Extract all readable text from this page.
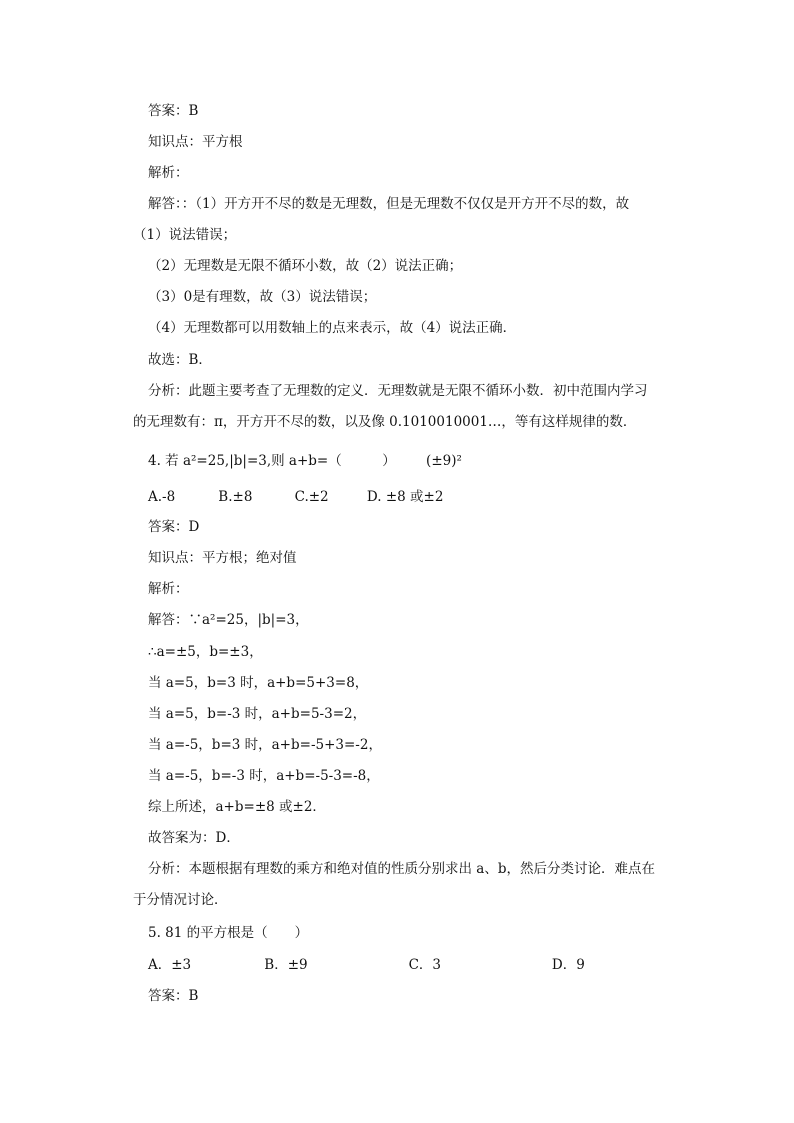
答案：B
知识点：平方根
解析：
解答：：（1）开方开不尽的数是无理数，但是无理数不仅仅是开方开不尽的数，故
（1）说法错误；
（2）无理数是无限不循环小数，故（2）说法正确；
（3）0是有理数，故（3）说法错误；
（4）无理数都可以用数轴上的点来表示，故（4）说法正确．
故选：B．
分析：此题主要考查了无理数的定义．无理数就是无限不循环小数．初中范围内学习
的无理数有：π，开方开不尽的数，以及像 0.1010010001…，等有这样规律的数．
4. 若 a²=25,|b|=3,则 a+b=（　　　） (±9)²
A.-8	B.±8	C.±2	D. ±8 或±2
答案：D
知识点：平方根；绝对值
解析：
解答：∵a²=25，|b|=3，
∴a=±5，b=±3，
当 a=5，b=3 时，a+b=5+3=8，
当 a=5，b=-3 时，a+b=5-3=2，
当 a=-5，b=3 时，a+b=-5+3=-2，
当 a=-5，b=-3 时，a+b=-5-3=-8，
综上所述，a+b=±8 或±2．
故答案为：D．
分析：本题根据有理数的乘方和绝对值的性质分别求出 a、b，然后分类讨论．难点在
于分情况讨论．
5. 81 的平方根是（　　）
A．±3	B．±9	C．3	D．9
答案：B
